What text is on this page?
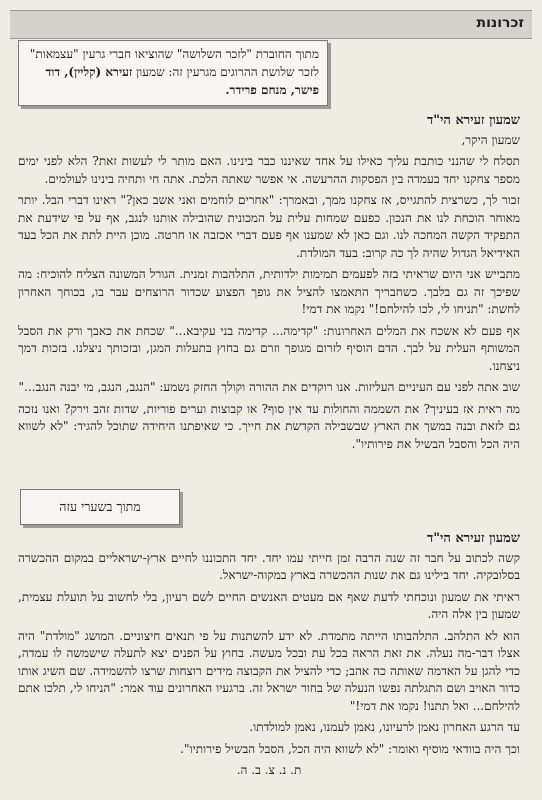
זכרונות
מתוך החוברת "לזכר השלושה" שהוציאו חברי גרעין "עצמאות" לזכר שלושת ההרוגים מגרעין זה: שמעון זעירא (קליין), דוד פישר, מנחם פרידר.
שמעון זעירא הי"ד

שמעון היקר,

תסלח לי שהנני כותבת עליך כאילו על אחד שאיננו כבר בינינו. האם מותר לי לעשות זאת? הלא לפני ימים מספר צחקנו יחד בעמדה בין הפסקות ההרעשה. אי אפשר שאתה הלכת. אתה חי ותחיה בינינו לעולמים.

זכור לך, כשרצית להתגייס, אז צחקנו ממך, ובאמרך: "אחרים לוחמים ואני אשב כאן?" ראינו דברי הבל. יותר מאוחר הוכחת לנו את הנכון. כפעם שמחות עלית על המכונית שהובילה אותנו לנגב, אף על פי שידעת את התפקיד הקשה המחכה לנו. וגם כאן לא שמענו אף פעם דברי אכזבה או חרטה. מוכן היית לתת את הכל בעד האידיאל הגדול שהיה לך כה קרוב: בעד המולדת.

מתבייש אני היום שראיתי בזה לפעמים תמימות ילדותית, התלהבות זמנית. הגורל המשונה הצליח להוכיח: מה שפיכך זה גם בלבך. כשחבריך התאמצו להציל את גופך הפצוע שכדור הרוצחים עבר בו, בכוחך האחרון לחשת: "תניחו לי, לכו להילחם!" נקמו את דמי!

אף פעם לא אשכח את המלים האחרונות: "קדימה... קדימה בני עקיבא..." שכחת את כאבך ורק את הסבל המשותף העלית על לבך. הדם הוסיף לזרום מגופך וזרם גם בחוץ בתעלות המגן, ובזכותך ניצלנו. בזכות דמך ניצחנו.

שוב אתה לפני עם העיניים העליזות. אנו רוקדים את ההורה וקולך החזק נשמע: "הנגב, הנגב, מי יבנה הנגב..."

מה ראית אז בעיניך? את השממה והחולות עד אין סוף? או קבוצות וערים פוריות, שדות זהב וירק? ואנו נזכה גם לזאת ובנה במשך את הארץ שבשבילה הקדשת את חייך. כי שאיפתנו היחידה שתוכל להגיד: "לא לשווא היה הכל והסבל הבשיל את פירותיו".

מתוך בשערי עזה
שמעון זעירא הי"ד

קשה לכתוב על חבר זה שנה הרבה זמן חייתי עמו יחד. יחד התכוננו לחיים ארץ-ישראליים במקום ההכשרה בסלובקיה. יחד בילינו גם את שנות ההכשרה בארץ במקוה-ישראל.

ראיתי את שמעון ונוכחתי לדעת שאף אם מעטים האנשים החיים לשם רעיון, בלי לחשוב על תועלת עצמית, שמעון בין אלה היה.

הוא לא התלהב. התלהבותו הייתה מתמדת. לא ידע להשתנות על פי תנאים חיצוניים. המושג "מולדת" היה אצלו דבר-מה נעלה. את זאת הראה בכל עת ובכל מעשה. בחוץ על הפנים יצא לתעלה שישמשה לו עמדה, כדי להגן על האדמה שאותה כה אהב; כדי להציל את הקבוצה מידים רוצחות שרצו להשמידה. שם השיג אותו כדור האויב ושם התגלתה נפשו הנעלה של בחור ישראל זה. ברגעיו האחרונים עוד אמר: "הניחו לי, תלכו אתם להילחם... ואל תתנו! נקמו את דמי!"

עד הרגע האחרון נאמן לרעיונו, נאמן לעמנו, נאמן למולדתו.

וכך היה בוודאי מוסיף ואומר: "לא לשווא היה הכל, הסבל הבשיל פירותיו".

ת. נ. צ. ב. ה.
